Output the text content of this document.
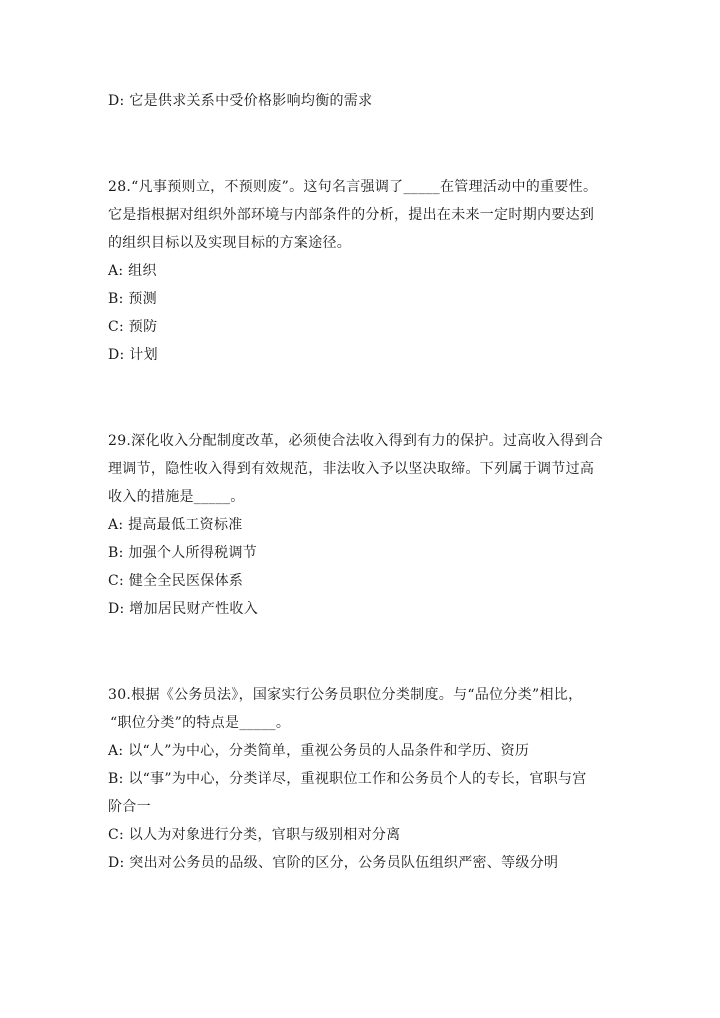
D: 它是供求关系中受价格影响均衡的需求
28.“凡事预则立，不预则废”。这句名言强调了_____在管理活动中的重要性。
它是指根据对组织外部环境与内部条件的分析，提出在未来一定时期内要达到
的组织目标以及实现目标的方案途径。
A: 组织
B: 预测
C: 预防
D: 计划
29.深化收入分配制度改革，必须使合法收入得到有力的保护。过高收入得到合
理调节，隐性收入得到有效规范，非法收入予以坚决取缔。下列属于调节过高
收入的措施是_____。
A: 提高最低工资标准
B: 加强个人所得税调节
C: 健全全民医保体系
D: 增加居民财产性收入
30.根据《公务员法》，国家实行公务员职位分类制度。与“品位分类”相比，
“职位分类”的特点是_____。
A: 以“人”为中心，分类简单，重视公务员的人品条件和学历、资历
B: 以“事”为中心，分类详尽，重视职位工作和公务员个人的专长，官职与宫
阶合一
C: 以人为对象进行分类，官职与级别相对分离
D: 突出对公务员的品级、官阶的区分，公务员队伍组织严密、等级分明
